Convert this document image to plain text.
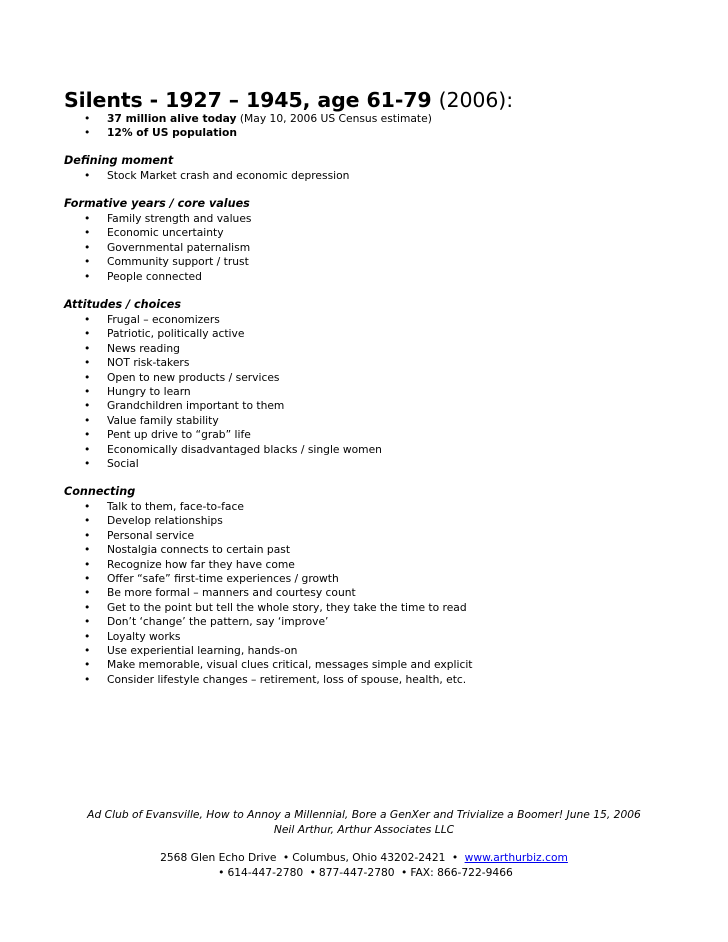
Silents - 1927 – 1945, age 61-79 (2006):
• 37 million alive today (May 10, 2006 US Census estimate)
• 12% of US population
Defining moment
• Stock Market crash and economic depression
Formative years / core values
• Family strength and values
• Economic uncertainty
• Governmental paternalism
• Community support / trust
• People connected
Attitudes / choices
• Frugal – economizers
• Patriotic, politically active
• News reading
• NOT risk-takers
• Open to new products / services
• Hungry to learn
• Grandchildren important to them
• Value family stability
• Pent up drive to “grab” life
• Economically disadvantaged blacks / single women
• Social
Connecting
• Talk to them, face-to-face
• Develop relationships
• Personal service
• Nostalgia connects to certain past
• Recognize how far they have come
• Offer “safe” first-time experiences / growth
• Be more formal – manners and courtesy count
• Get to the point but tell the whole story, they take the time to read
• Don’t ‘change’ the pattern, say ‘improve’
• Loyalty works
• Use experiential learning, hands-on
• Make memorable, visual clues critical, messages simple and explicit
• Consider lifestyle changes – retirement, loss of spouse, health, etc.
Ad Club of Evansville, How to Annoy a Millennial, Bore a GenXer and Trivialize a Boomer! June 15, 2006
Neil Arthur, Arthur Associates LLC
2568 Glen Echo Drive • Columbus, Ohio 43202-2421 • www.arthurbiz.com
• 614-447-2780 • 877-447-2780 • FAX: 866-722-9466
